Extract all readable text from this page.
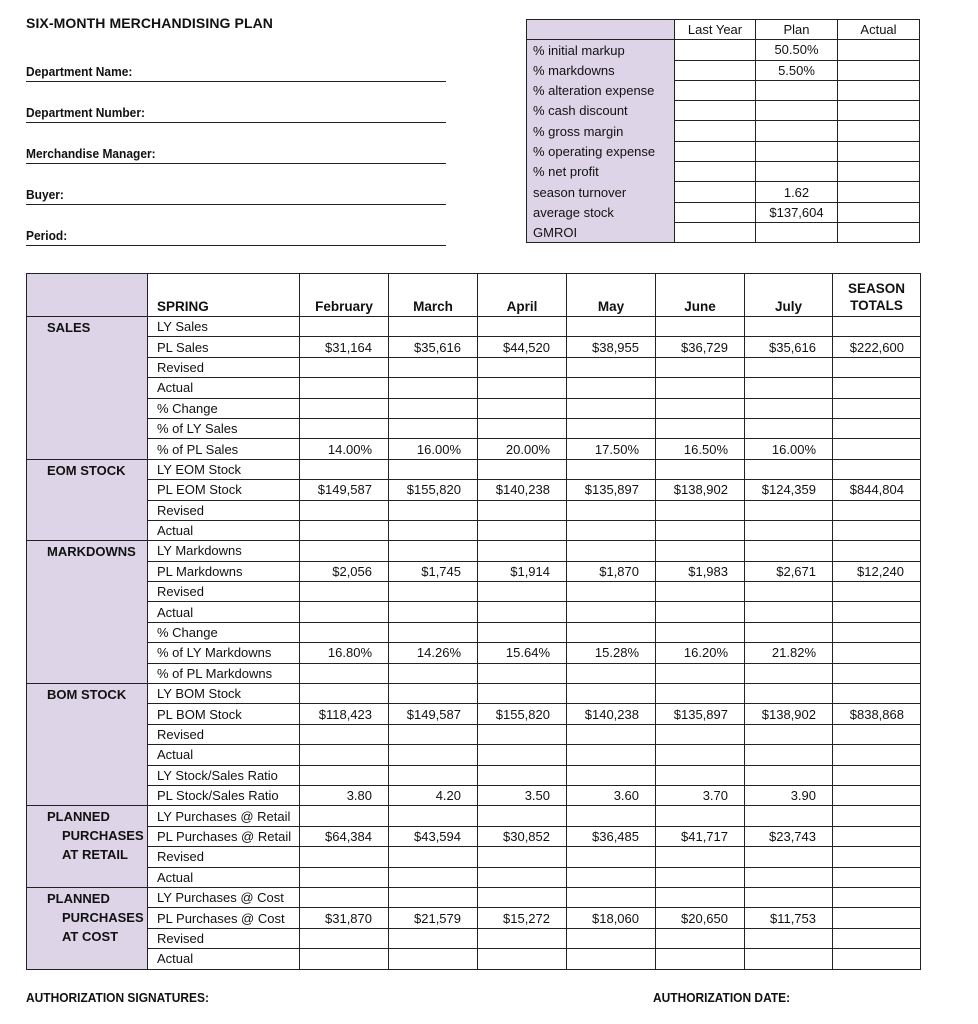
SIX-MONTH MERCHANDISING PLAN
Department Name:
Department Number:
Merchandise Manager:
Buyer:
Period:
	Last Year	Plan	Actual
% initial markup		50.50%	
% markdowns		5.50%	
% alteration expense			
% cash discount			
% gross margin			
% operating expense			
% net profit			
season turnover		1.62	
average stock		$137,604	
GMROI			
	SPRING	February	March	April	May	June	July	SEASON
TOTALS

SALES	LY Sales							
	PL Sales	$31,164	$35,616	$44,520	$38,955	$36,729	$35,616	$222,600
	Revised							
	Actual							
	% Change							
	% of LY Sales							
	% of PL Sales	14.00%	16.00%	20.00%	17.50%	16.50%	16.00%	

EOM STOCK	LY EOM Stock							
	PL EOM Stock	$149,587	$155,820	$140,238	$135,897	$138,902	$124,359	$844,804
	Revised							
	Actual							

MARKDOWNS	LY Markdowns							
	PL Markdowns	$2,056	$1,745	$1,914	$1,870	$1,983	$2,671	$12,240
	Revised							
	Actual							
	% Change							
	% of LY Markdowns	16.80%	14.26%	15.64%	15.28%	16.20%	21.82%	
	% of PL Markdowns							

BOM STOCK	LY BOM Stock							
	PL BOM Stock	$118,423	$149,587	$155,820	$140,238	$135,897	$138,902	$838,868
	Revised							
	Actual							
	LY Stock/Sales Ratio							
	PL Stock/Sales Ratio	3.80	4.20	3.50	3.60	3.70	3.90	

PLANNED
PURCHASES
AT RETAIL	LY Purchases @ Retail							
	PL Purchases @ Retail	$64,384	$43,594	$30,852	$36,485	$41,717	$23,743	
	Revised							
	Actual							

PLANNED
PURCHASES
AT COST	LY Purchases @ Cost							
	PL Purchases @ Cost	$31,870	$21,579	$15,272	$18,060	$20,650	$11,753	
	Revised							
	Actual							
AUTHORIZATION SIGNATURES:	AUTHORIZATION DATE:
